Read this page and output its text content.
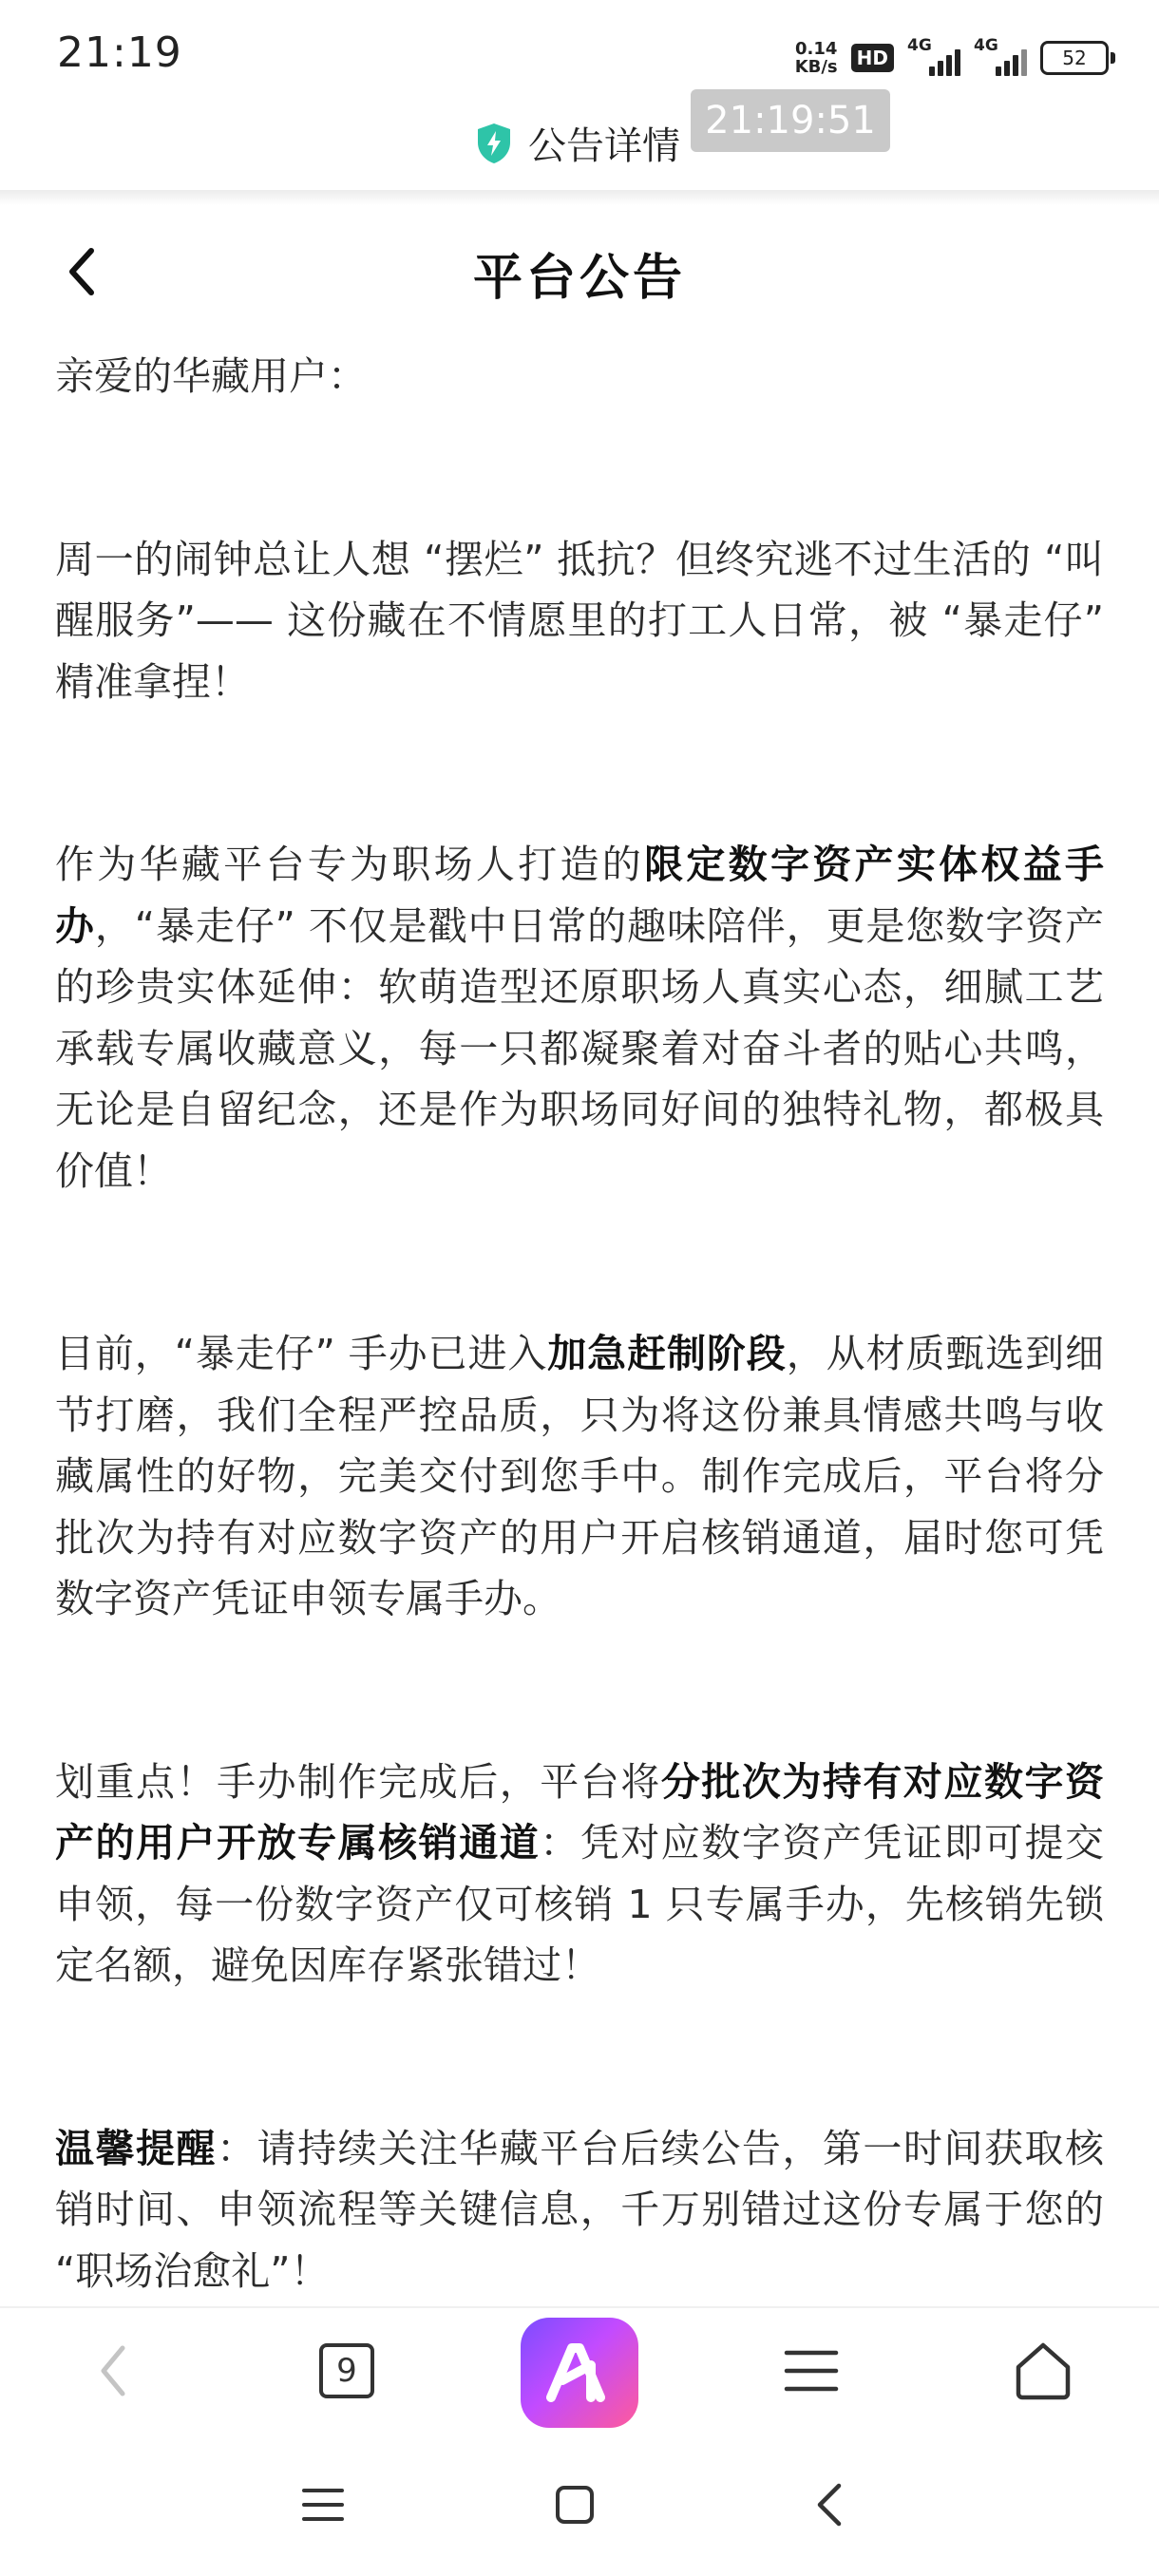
21:19	0.14
KB/s	HD
4G	4G
52
公告详情
21:19:51
平台公告

亲爱的华藏用户：

周一的闹钟总让人想 “摆烂” 抵抗？但终究逃不过生活的 “叫醒服务”—— 这份藏在不情愿里的打工人日常，被 “暴走仔” 精准拿捏！

作为华藏平台专为职场人打造的限定数字资产实体权益手办，“暴走仔” 不仅是戳中日常的趣味陪伴，更是您数字资产的珍贵实体延伸：软萌造型还原职场人真实心态，细腻工艺承载专属收藏意义，每一只都凝聚着对奋斗者的贴心共鸣，无论是自留纪念，还是作为职场同好间的独特礼物，都极具价值！

目前，“暴走仔” 手办已进入加急赶制阶段，从材质甄选到细节打磨，我们全程严控品质，只为将这份兼具情感共鸣与收藏属性的好物，完美交付到您手中。制作完成后，平台将分批次为持有对应数字资产的用户开启核销通道，届时您可凭数字资产凭证申领专属手办。

划重点！手办制作完成后，平台将分批次为持有对应数字资产的用户开放专属核销通道：凭对应数字资产凭证即可提交申领，每一份数字资产仅可核销 1 只专属手办，先核销先锁定名额，避免因库存紧张错过！

温馨提醒：请持续关注华藏平台后续公告，第一时间获取核销时间、申领流程等关键信息，千万别错过这份专属于您的 “职场治愈礼”！

9
